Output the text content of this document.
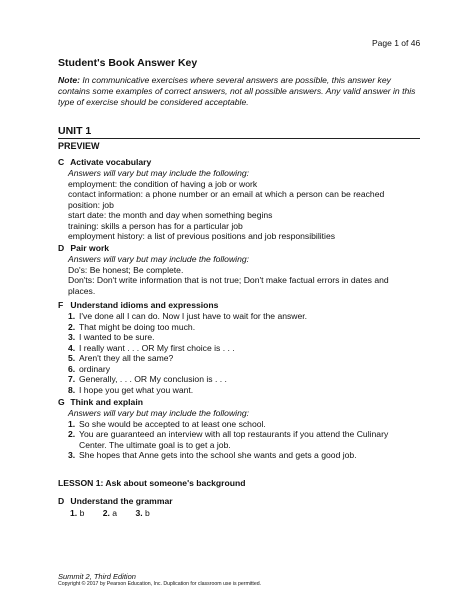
Page 1 of 46
Student's Book Answer Key
Note: In communicative exercises where several answers are possible, this answer key contains some examples of correct answers, not all possible answers. Any valid answer in this type of exercise should be considered acceptable.
UNIT 1
PREVIEW
C Activate vocabulary
Answers will vary but may include the following:
employment: the condition of having a job or work
contact information: a phone number or an email at which a person can be reached
position: job
start date: the month and day when something begins
training: skills a person has for a particular job
employment history: a list of previous positions and job responsibilities
D Pair work
Answers will vary but may include the following:
Do's: Be honest; Be complete.
Don'ts: Don't write information that is not true; Don't make factual errors in dates and places.
F Understand idioms and expressions
1. I've done all I can do. Now I just have to wait for the answer.
2. That might be doing too much.
3. I wanted to be sure.
4. I really want . . . OR My first choice is . . .
5. Aren't they all the same?
6. ordinary
7. Generally, . . . OR My conclusion is . . .
8. I hope you get what you want.
G Think and explain
Answers will vary but may include the following:
1. So she would be accepted to at least one school.
2. You are guaranteed an interview with all top restaurants if you attend the Culinary Center. The ultimate goal is to get a job.
3. She hopes that Anne gets into the school she wants and gets a good job.
LESSON 1: Ask about someone's background
D Understand the grammar
1. b 2. a 3. b
Summit 2, Third Edition
Copyright © 2017 by Pearson Education, Inc. Duplication for classroom use is permitted.
